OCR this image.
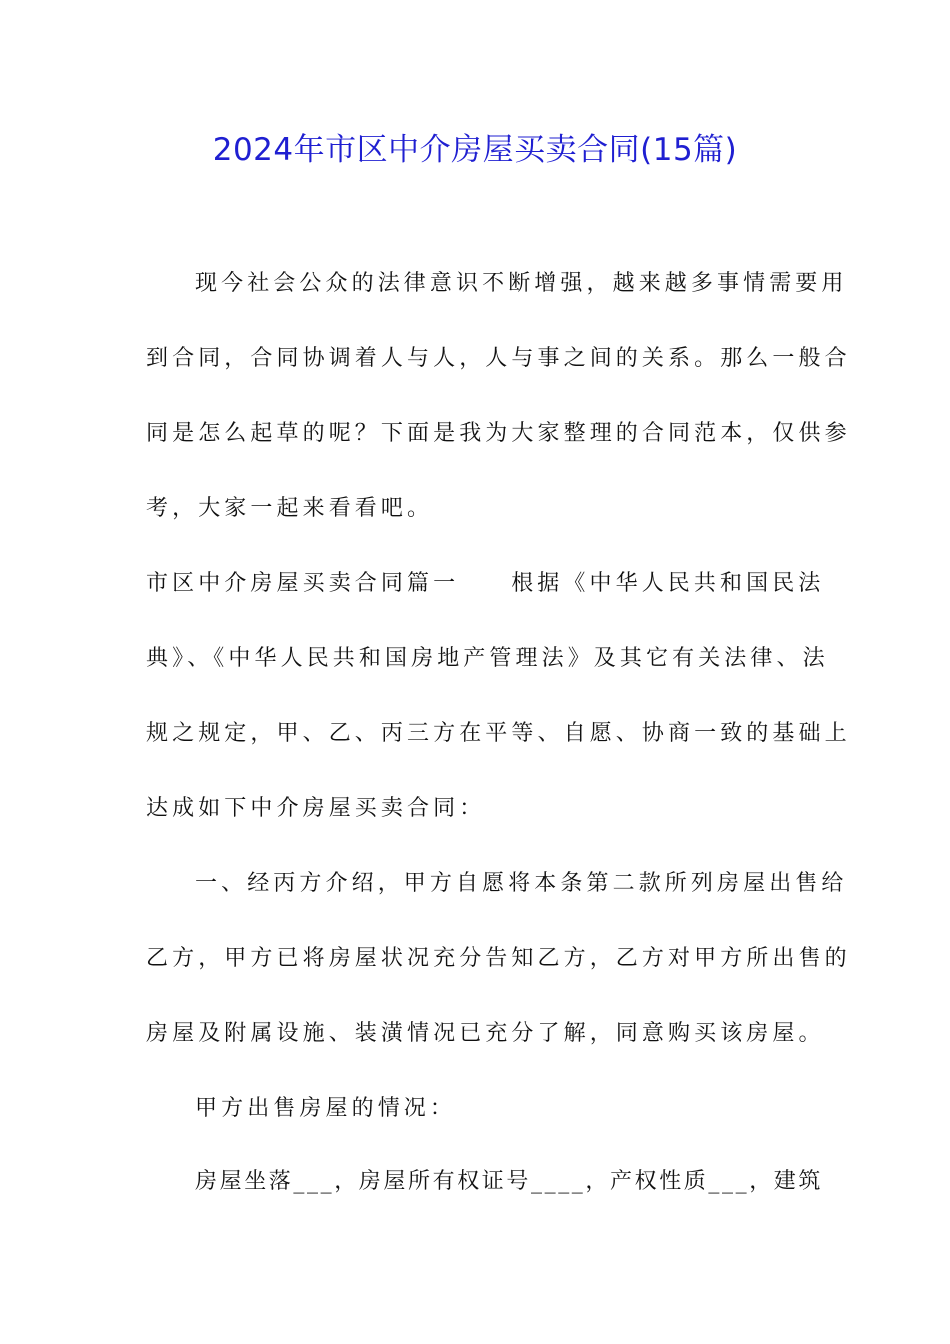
2024年市区中介房屋买卖合同(15篇)
现今社会公众的法律意识不断增强，越来越多事情需要用
到合同，合同协调着人与人，人与事之间的关系。那么一般合
同是怎么起草的呢？下面是我为大家整理的合同范本，仅供参
考，大家一起来看看吧。
市区中介房屋买卖合同篇一 根据《中华人民共和国民法
典》、《中华人民共和国房地产管理法》及其它有关法律、法
规之规定，甲、乙、丙三方在平等、自愿、协商一致的基础上
达成如下中介房屋买卖合同：
一、经丙方介绍，甲方自愿将本条第二款所列房屋出售给
乙方，甲方已将房屋状况充分告知乙方，乙方对甲方所出售的
房屋及附属设施、装潢情况已充分了解，同意购买该房屋。
甲方出售房屋的情况：
房屋坐落___，房屋所有权证号____，产权性质___，建筑
